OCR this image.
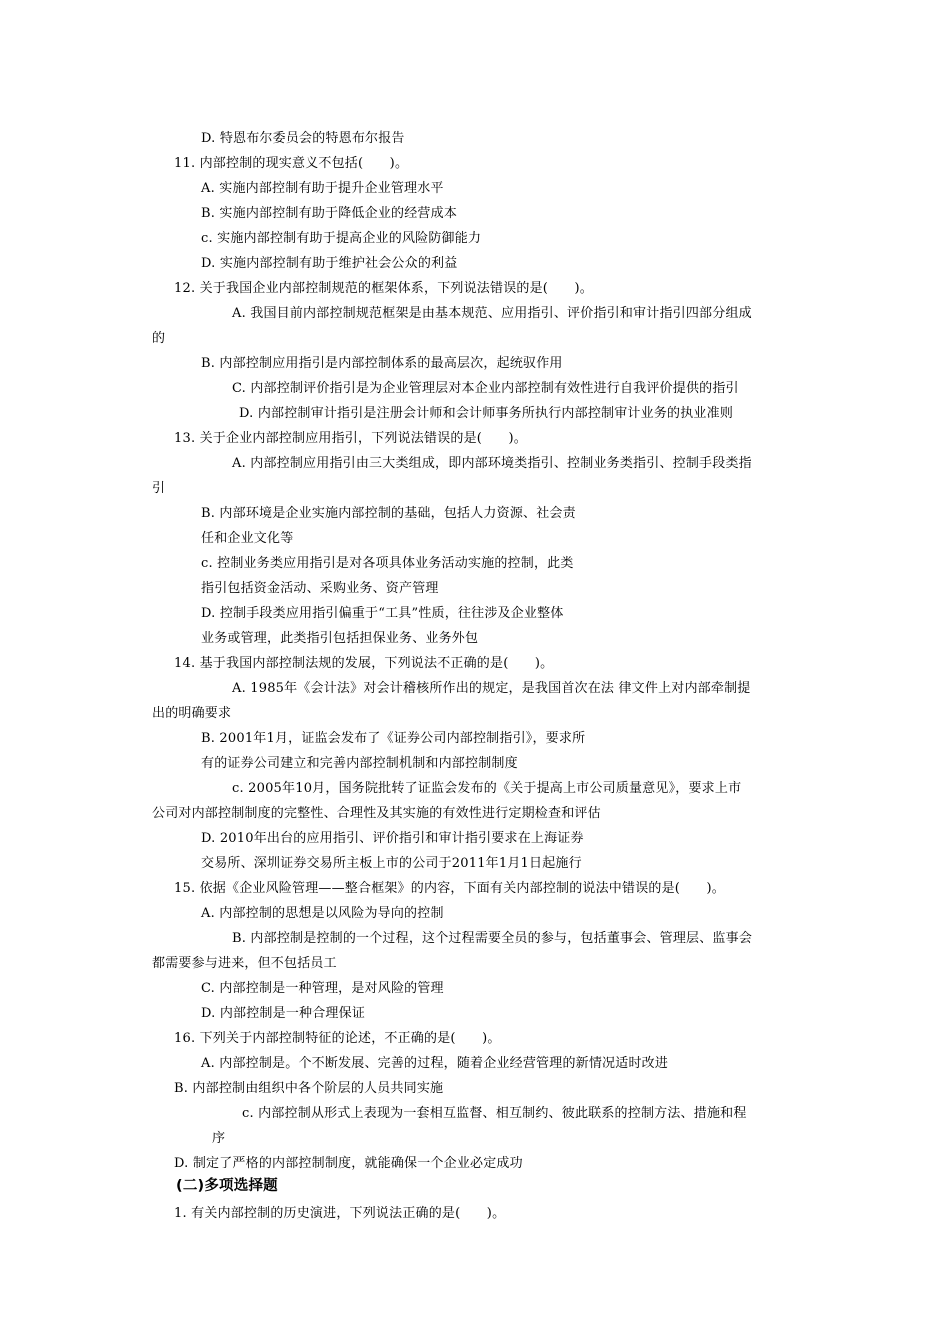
D. 特恩布尔委员会的特恩布尔报告
11. 内部控制的现实意义不包括(　　)。
A. 实施内部控制有助于提升企业管理水平
B. 实施内部控制有助于降低企业的经营成本
c. 实施内部控制有助于提高企业的风险防御能力
D. 实施内部控制有助于维护社会公众的利益
12. 关于我国企业内部控制规范的框架体系，下列说法错误的是(　　)。
A. 我国目前内部控制规范框架是由基本规范、应用指引、评价指引和审计指引四部分组成
的
B. 内部控制应用指引是内部控制体系的最高层次，起统驭作用
C. 内部控制评价指引是为企业管理层对本企业内部控制有效性进行自我评价提供的指引
D. 内部控制审计指引是注册会计师和会计师事务所执行内部控制审计业务的执业准则
13. 关于企业内部控制应用指引，下列说法错误的是(　　)。
A. 内部控制应用指引由三大类组成，即内部环境类指引、控制业务类指引、控制手段类指
引
B. 内部环境是企业实施内部控制的基础，包括人力资源、社会责
任和企业文化等
c. 控制业务类应用指引是对各项具体业务活动实施的控制，此类
指引包括资金活动、采购业务、资产管理
D. 控制手段类应用指引偏重于“工具”性质，往往涉及企业整体
业务或管理，此类指引包括担保业务、业务外包
14. 基于我国内部控制法规的发展，下列说法不正确的是(　　)。
A. 1985年《会计法》对会计稽核所作出的规定，是我国首次在法 律文件上对内部牵制提
出的明确要求
B. 2001年1月，证监会发布了《证券公司内部控制指引》，要求所
有的证券公司建立和完善内部控制机制和内部控制制度
c. 2005年10月，国务院批转了证监会发布的《关于提高上市公司质量意见》，要求上市
公司对内部控制制度的完整性、合理性及其实施的有效性进行定期检查和评估
D. 2010年出台的应用指引、评价指引和审计指引要求在上海证券
交易所、深圳证券交易所主板上市的公司于2011年1月1日起施行
15. 依据《企业风险管理——整合框架》的内容，下面有关内部控制的说法中错误的是(　　)。
A. 内部控制的思想是以风险为导向的控制
B. 内部控制是控制的一个过程，这个过程需要全员的参与，包括董事会、管理层、监事会
都需要参与进来，但不包括员工
C. 内部控制是一种管理，是对风险的管理
D. 内部控制是一种合理保证
16. 下列关于内部控制特征的论述，不正确的是(　　)。
A. 内部控制是。个不断发展、完善的过程，随着企业经营管理的新情况适时改进
B. 内部控制由组织中各个阶层的人员共同实施
c. 内部控制从形式上表现为一套相互监督、相互制约、彼此联系的控制方法、措施和程
序
D. 制定了严格的内部控制制度，就能确保一个企业必定成功
(二)多项选择题
1. 有关内部控制的历史演进，下列说法正确的是(　　)。
